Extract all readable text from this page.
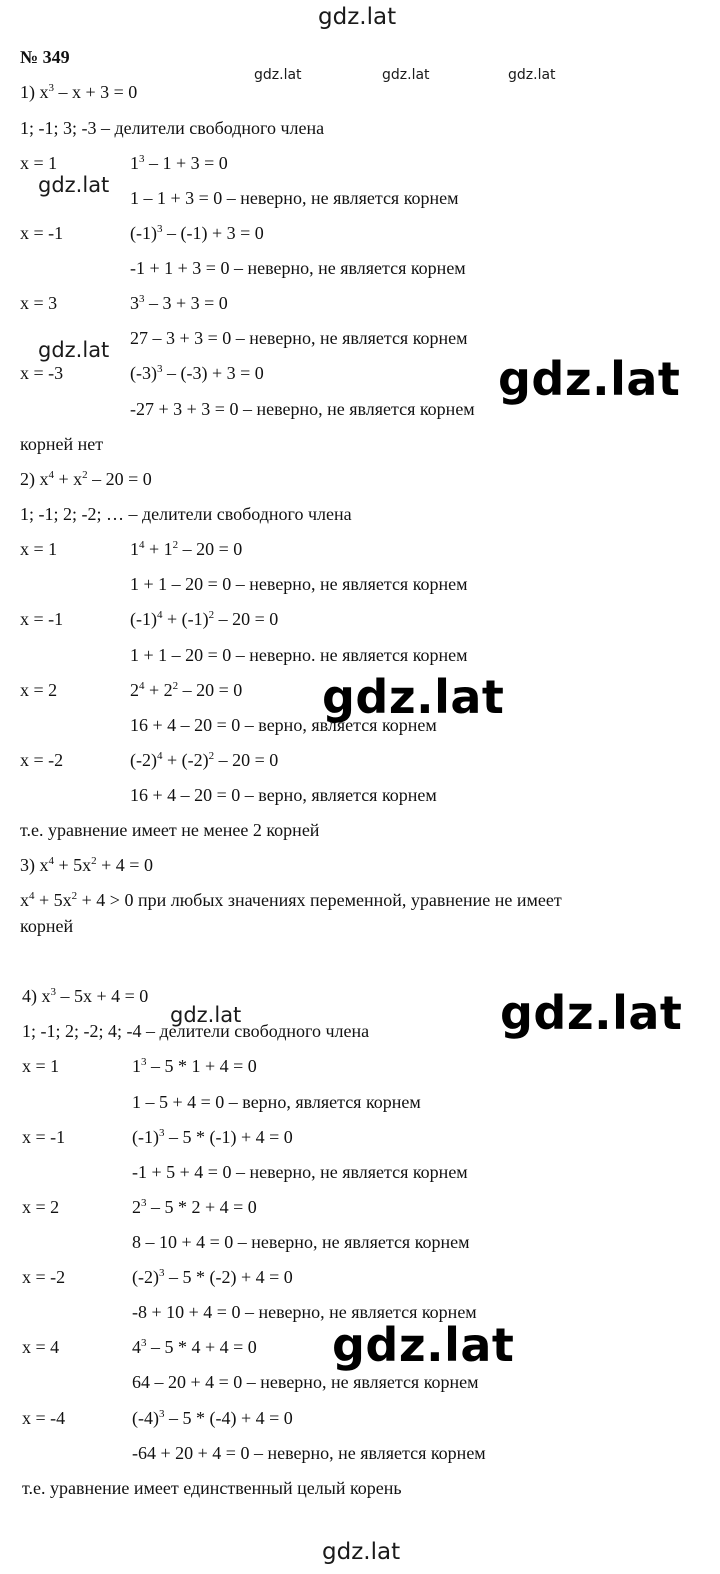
№ 349
1) $x^3 - x + 3 = 0$
1; -1; 3; -3 – делители свободного члена
x = 1	$1^3 - 1 + 3 = 0$
1 – 1 + 3 = 0 – неверно, не является корнем
x = -1	$(-1)^3 - (-1) + 3 = 0$
-1 + 1 + 3 = 0 – неверно, не является корнем
x = 3	$3^3 - 3 + 3 = 0$
27 – 3 + 3 = 0 – неверно, не является корнем
x = -3	$(-3)^3 - (-3) + 3 = 0$
-27 + 3 + 3 = 0 – неверно, не является корнем
корней нет
2) $x^4 + x^2 - 20 = 0$
1; -1; 2; -2; … – делители свободного члена
x = 1	$1^4 + 1^2 - 20 = 0$
1 + 1 – 20 = 0 – неверно, не является корнем
x = -1	$(-1)^4 + (-1)^2 - 20 = 0$
1 + 1 – 20 = 0 – неверно. не является корнем
x = 2	$2^4 + 2^2 - 20 = 0$
16 + 4 – 20 = 0 – верно, является корнем
x = -2	$(-2)^4 + (-2)^2 - 20 = 0$
16 + 4 – 20 = 0 – верно, является корнем
т.е. уравнение имеет не менее 2 корней
3) $x^4 + 5x^2 + 4 = 0$
$x^4 + 5x^2 + 4 > 0$ при любых значениях переменной, уравнение не имеет
корней
4) $x^3 - 5x + 4 = 0$
1; -1; 2; -2; 4; -4 – делители свободного члена
x = 1	$1^3 - 5 * 1 + 4 = 0$
1 – 5 + 4 = 0 – верно, является корнем
x = -1	$(-1)^3 - 5 * (-1) + 4 = 0$
-1 + 5 + 4 = 0 – неверно, не является корнем
x = 2	$2^3 - 5 * 2 + 4 = 0$
8 – 10 + 4 = 0 – неверно, не является корнем
x = -2	$(-2)^3 - 5 * (-2) + 4 = 0$
-8 + 10 + 4 = 0 – неверно, не является корнем
x = 4	$4^3 - 5 * 4 + 4 = 0$
64 – 20 + 4 = 0 – неверно, не является корнем
x = -4	$(-4)^3 - 5 * (-4) + 4 = 0$
-64 + 20 + 4 = 0 – неверно, не является корнем
т.е. уравнение имеет единственный целый корень
gdz.lat
gdz.lat	gdz.lat	gdz.lat
gdz.lat
gdz.lat
gdz.lat
gdz.lat
gdz.lat
gdz.lat
gdz.lat
gdz.lat
